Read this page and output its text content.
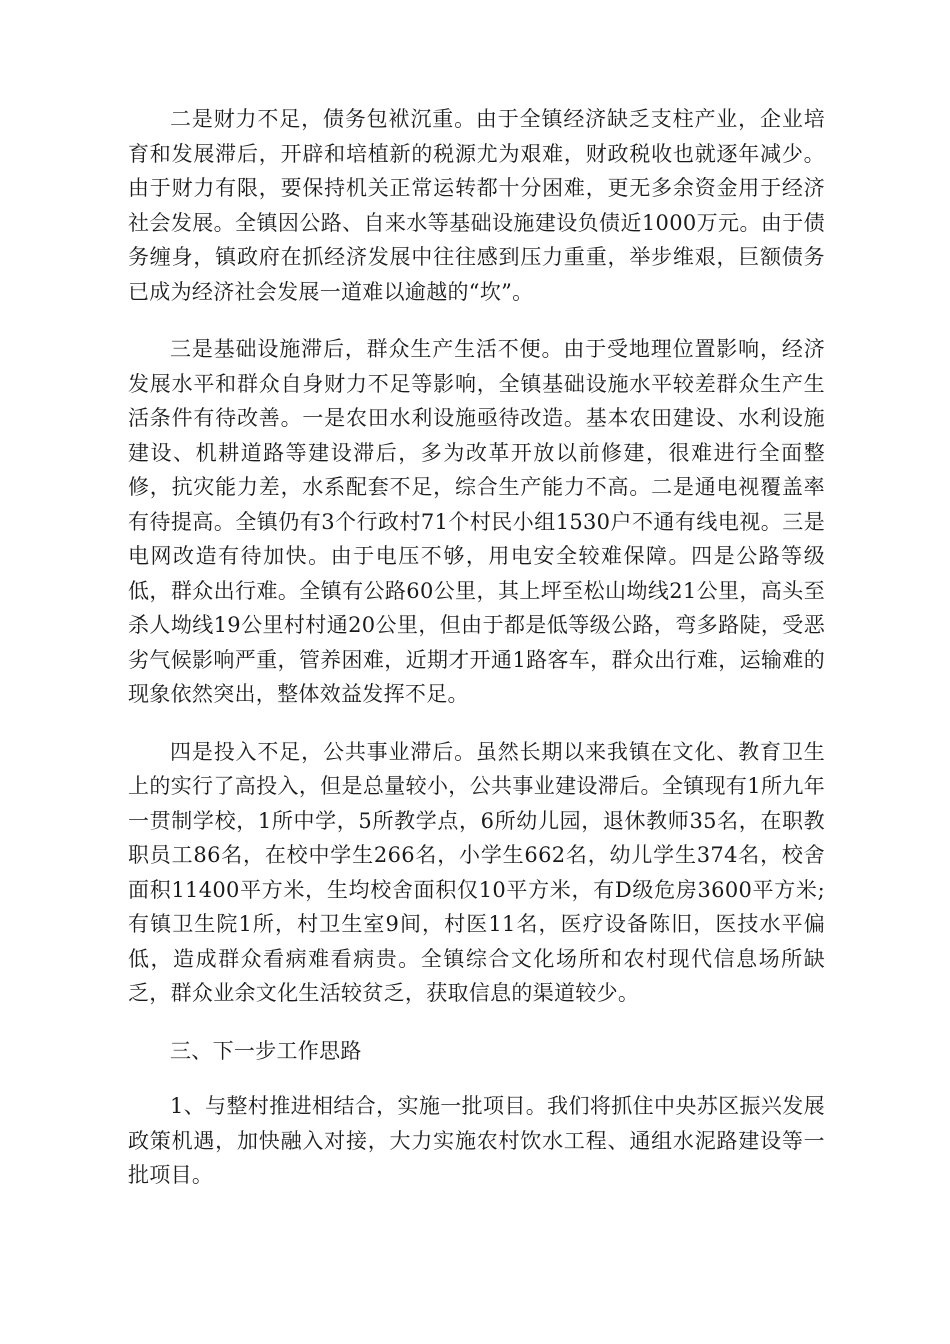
二是财力不足，债务包袱沉重。由于全镇经济缺乏支柱产业，企业培育和发展滞后，开辟和培植新的税源尤为艰难，财政税收也就逐年减少。由于财力有限，要保持机关正常运转都十分困难，更无多余资金用于经济社会发展。全镇因公路、自来水等基础设施建设负债近1000万元。由于债务缠身，镇政府在抓经济发展中往往感到压力重重，举步维艰，巨额债务已成为经济社会发展一道难以逾越的“坎”。

三是基础设施滞后，群众生产生活不便。由于受地理位置影响，经济发展水平和群众自身财力不足等影响，全镇基础设施水平较差群众生产生活条件有待改善。一是农田水利设施亟待改造。基本农田建设、水利设施建设、机耕道路等建设滞后，多为改革开放以前修建，很难进行全面整修，抗灾能力差，水系配套不足，综合生产能力不高。二是通电视覆盖率有待提高。全镇仍有3个行政村71个村民小组1530户不通有线电视。三是电网改造有待加快。由于电压不够，用电安全较难保障。四是公路等级低，群众出行难。全镇有公路60公里，其上坪至松山坳线21公里，高头至杀人坳线19公里村村通20公里，但由于都是低等级公路，弯多路陡，受恶劣气候影响严重，管养困难，近期才开通1路客车，群众出行难，运输难的现象依然突出，整体效益发挥不足。

四是投入不足，公共事业滞后。虽然长期以来我镇在文化、教育卫生上的实行了高投入，但是总量较小，公共事业建设滞后。全镇现有1所九年一贯制学校，1所中学，5所教学点，6所幼儿园，退休教师35名，在职教职员工86名，在校中学生266名，小学生662名，幼儿学生374名，校舍面积11400平方米，生均校舍面积仅10平方米，有D级危房3600平方米;有镇卫生院1所，村卫生室9间，村医11名，医疗设备陈旧，医技水平偏低，造成群众看病难看病贵。全镇综合文化场所和农村现代信息场所缺乏，群众业余文化生活较贫乏，获取信息的渠道较少。

三、下一步工作思路

1、与整村推进相结合，实施一批项目。我们将抓住中央苏区振兴发展政策机遇，加快融入对接，大力实施农村饮水工程、通组水泥路建设等一批项目。
